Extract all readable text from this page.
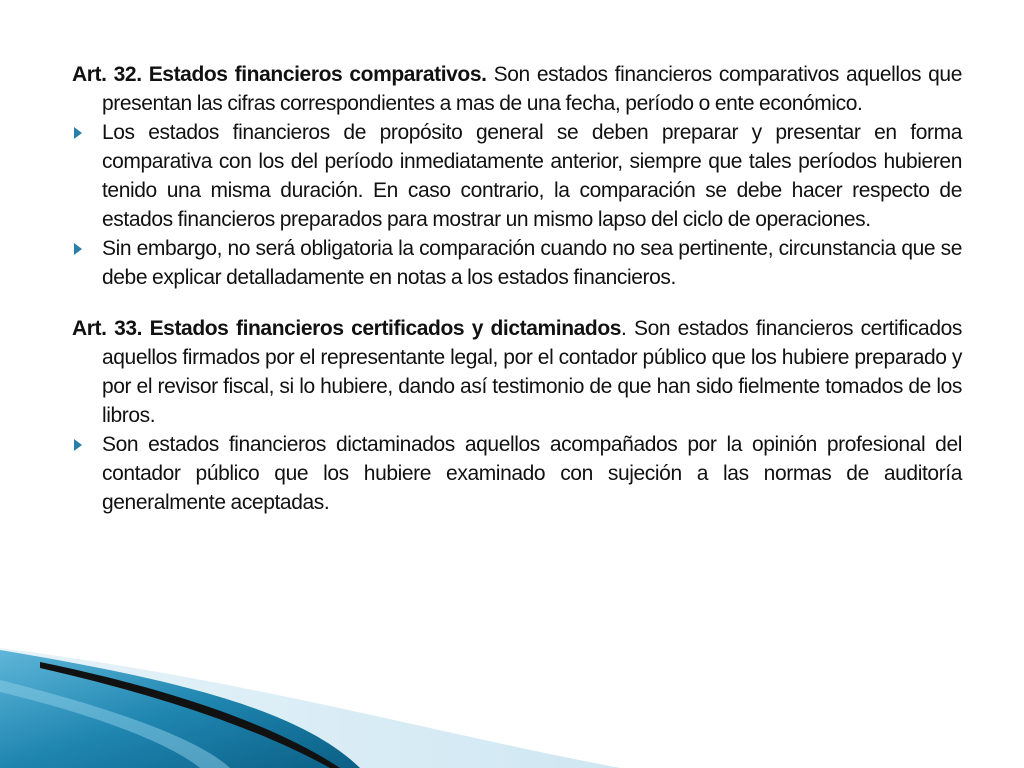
Art. 32. Estados financieros comparativos. Son estados financieros comparativos aquellos que presentan las cifras correspondientes a mas de una fecha, período o ente económico.

Los estados financieros de propósito general se deben preparar y presentar en forma comparativa con los del período inmediatamente anterior, siempre que tales períodos hubieren tenido una misma duración. En caso contrario, la comparación se debe hacer respecto de estados financieros preparados para mostrar un mismo lapso del ciclo de operaciones.

Sin embargo, no será obligatoria la comparación cuando no sea pertinente, circunstancia que se debe explicar detalladamente en notas a los estados financieros.

Art. 33. Estados financieros certificados y dictaminados. Son estados financieros certificados aquellos firmados por el representante legal, por el contador público que los hubiere preparado y por el revisor fiscal, si lo hubiere, dando así testimonio de que han sido fielmente tomados de los libros.

Son estados financieros dictaminados aquellos acompañados por la opinión profesional del contador público que los hubiere examinado con sujeción a las normas de auditoría generalmente aceptadas.
